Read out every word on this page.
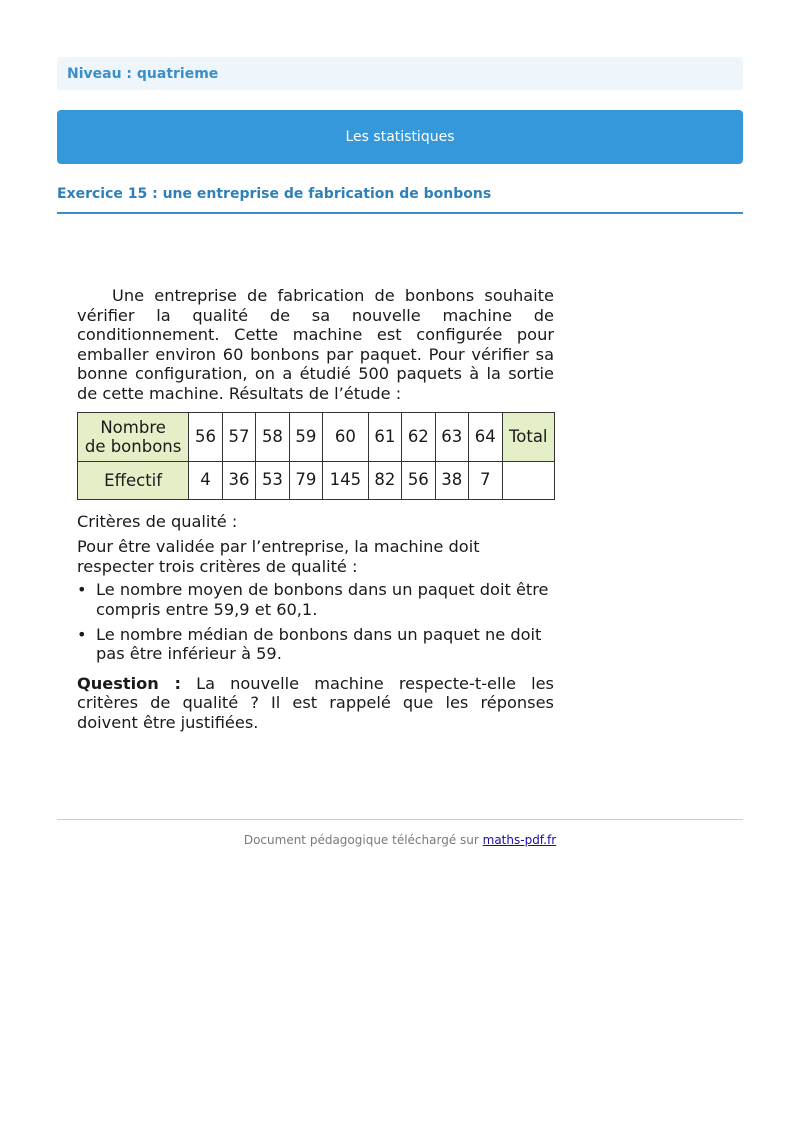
Niveau : quatrieme
Les statistiques
Exercice 15 : une entreprise de fabrication de bonbons

Une entreprise de fabrication de bonbons souhaite vérifier la qualité de sa nouvelle machine de conditionnement. Cette machine est configurée pour emballer environ 60 bonbons par paquet. Pour vérifier sa bonne configuration, on a étudié 500 paquets à la sortie de cette machine. Résultats de l’étude :

Nombre
de bonbons	56	57	58	59	60	61	62	63	64	Total
Effectif	4	36	53	79	145	82	56	38	7	

Critères de qualité :

Pour être validée par l’entreprise, la machine doit respecter trois critères de qualité :

• Le nombre moyen de bonbons dans un paquet doit être compris entre 59,9 et 60,1.
• Le nombre médian de bonbons dans un paquet ne doit pas être inférieur à 59.

Question : La nouvelle machine respecte-t-elle les critères de qualité ? Il est rappelé que les réponses doivent être justifiées.

Document pédagogique téléchargé sur maths-pdf.fr
